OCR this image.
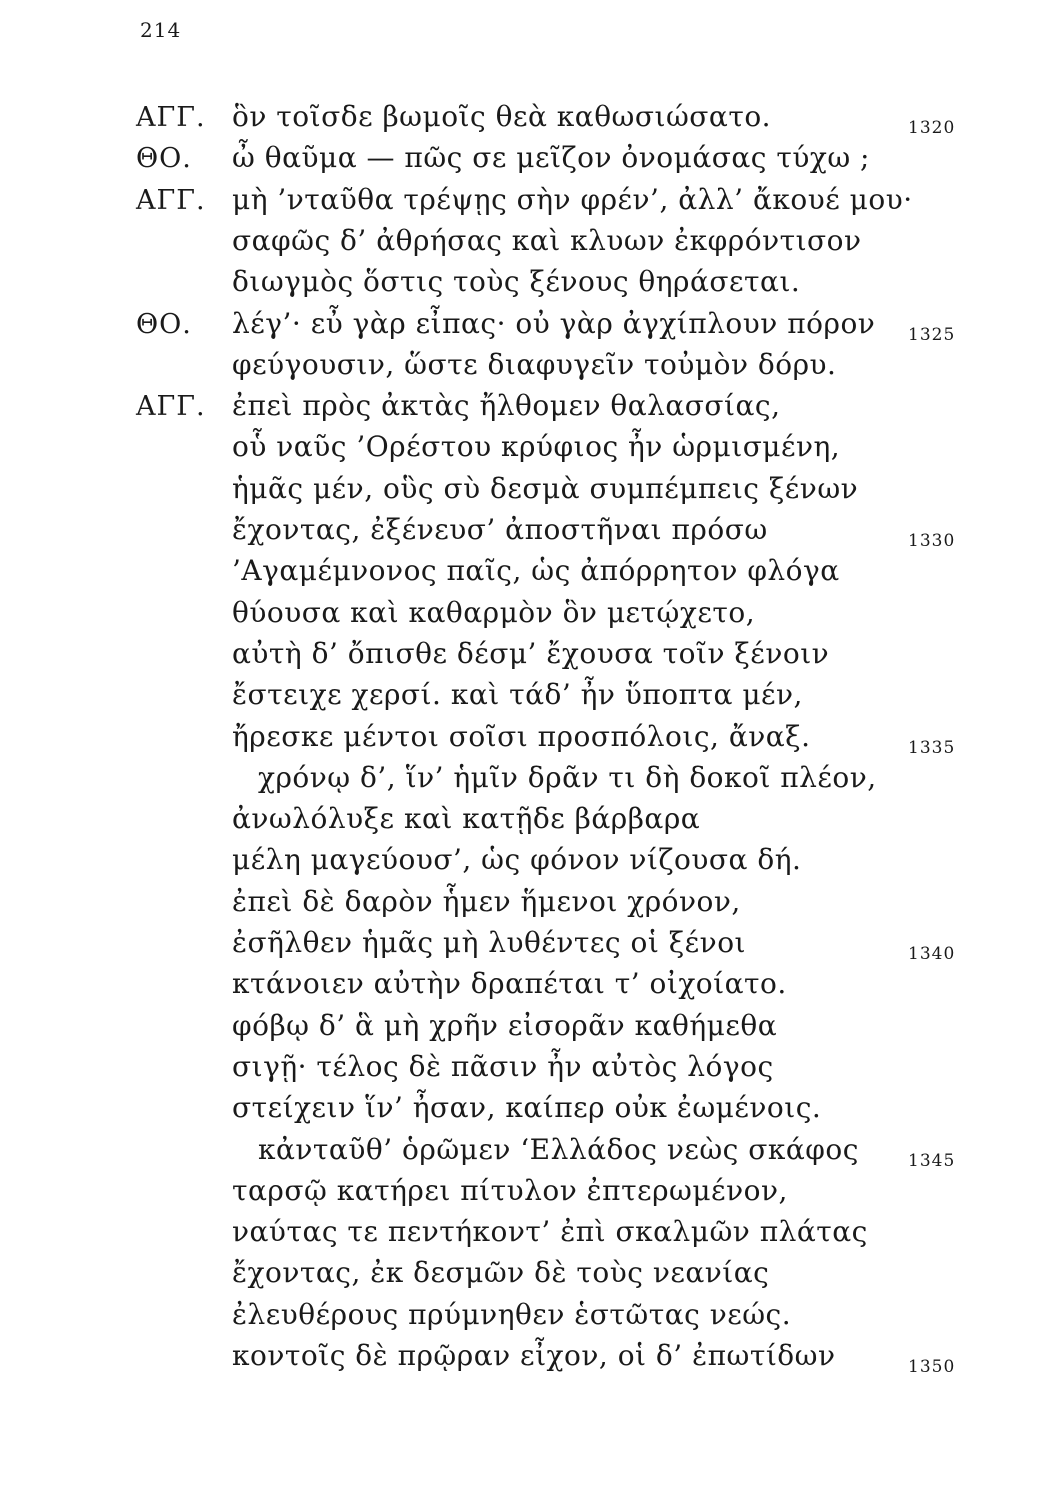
214
ΑΓΓ. ὃν τοῖσδε βωμοῖς θεὰ καθωσιώσατο.	1320
ΘΟ. ὦ θαῦμα — πῶς σε μεῖζον ὀνομάσας τύχω ;
ΑΓΓ. μὴ ’νταῦθα τρέψῃς σὴν φρέν’, ἀλλ’ ἄκουέ μου·
σαφῶς δ’ ἀθρήσας καὶ κλυων ἐκφρόντισον
διωγμὸς ὅστις τοὺς ξένους θηράσεται.
ΘΟ. λέγ’· εὖ γὰρ εἶπας· οὐ γὰρ ἀγχίπλουν πόρον 1325
φεύγουσιν, ὥστε διαφυγεῖν τοὐμὸν δόρυ.
ΑΓΓ. ἐπεὶ πρὸς ἀκτὰς ἤλθομεν θαλασσίας,
οὗ ναῦς ’Ορέστου κρύφιος ἦν ὡρμισμένη,
ἡμᾶς μέν, οὓς σὺ δεσμὰ συμπέμπεις ξένων
ἔχοντας, ἐξένευσ’ ἀποστῆναι πρόσω	1330
’Αγαμέμνονος παῖς, ὡς ἀπόρρητον φλόγα
θύουσα καὶ καθαρμὸν ὃν μετῴχετο,
αὐτὴ δ’ ὄπισθε δέσμ’ ἔχουσα τοῖν ξένοιν
ἔστειχε χερσί. καὶ τάδ’ ἦν ὕποπτα μέν,
ἤρεσκε μέντοι σοῖσι προσπόλοις, ἄναξ.	1335
χρόνῳ δ’, ἵν’ ἡμῖν δρᾶν τι δὴ δοκοῖ πλέον,
ἀνωλόλυξε καὶ κατῇδε βάρβαρα
μέλη μαγεύουσ’, ὡς φόνον νίζουσα δή.
ἐπεὶ δὲ δαρὸν ἧμεν ἥμενοι χρόνον,
ἐσῆλθεν ἡμᾶς μὴ λυθέντες οἱ ξένοι	1340
κτάνοιεν αὐτὴν δραπέται τ’ οἰχοίατο.
φόβῳ δ’ ἃ μὴ χρῆν εἰσορᾶν καθήμεθα
σιγῇ· τέλος δὲ πᾶσιν ἦν αὐτὸς λόγος
στείχειν ἵν’ ἦσαν, καίπερ οὐκ ἐωμένοις.
κἀνταῦθ’ ὁρῶμεν ‘Ελλάδος νεὼς σκάφος	1345
ταρσῷ κατήρει πίτυλον ἐπτερωμένον,
ναύτας τε πεντήκοντ’ ἐπὶ σκαλμῶν πλάτας
ἔχοντας, ἐκ δεσμῶν δὲ τοὺς νεανίας
ἐλευθέρους πρύμνηθεν ἑστῶτας νεώς.
κοντοῖς δὲ πρῷραν εἶχον, οἱ δ’ ἐπωτίδων	1350
